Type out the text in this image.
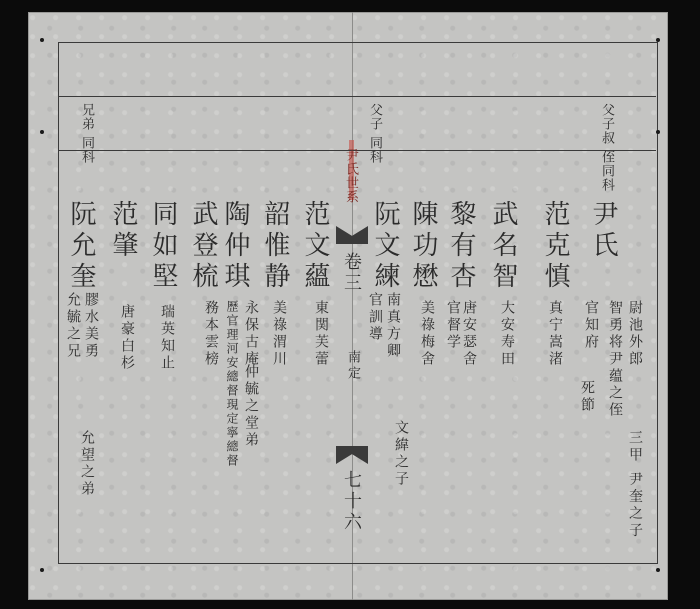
父子叔 侄同科
父子 同科
兄弟 同科
尹氏世系
卷三
南定
七十六
尹氏
尉池外郎
智勇将尹蕴之侄
三甲 尹奎之子
范克慎
真宁嵩渚 官知府
死節
武名智
大安寿田
黎有杏
唐安瑟舍
官督学
陳功懋
美祿梅舍
阮文練
南真方卿
官訓導
文緯之子
范文蘊
東関芙蕾
韶惟静
美祿渭川
陶仲琪
永保古庵
仲毓之堂弟
歷官理河安總督現定寧總督
武登梳
務本雲榜
同如堅
瑞英知止
范肇
唐豪白杉
阮允奎
膠水美勇
允毓之兄
允望之弟
